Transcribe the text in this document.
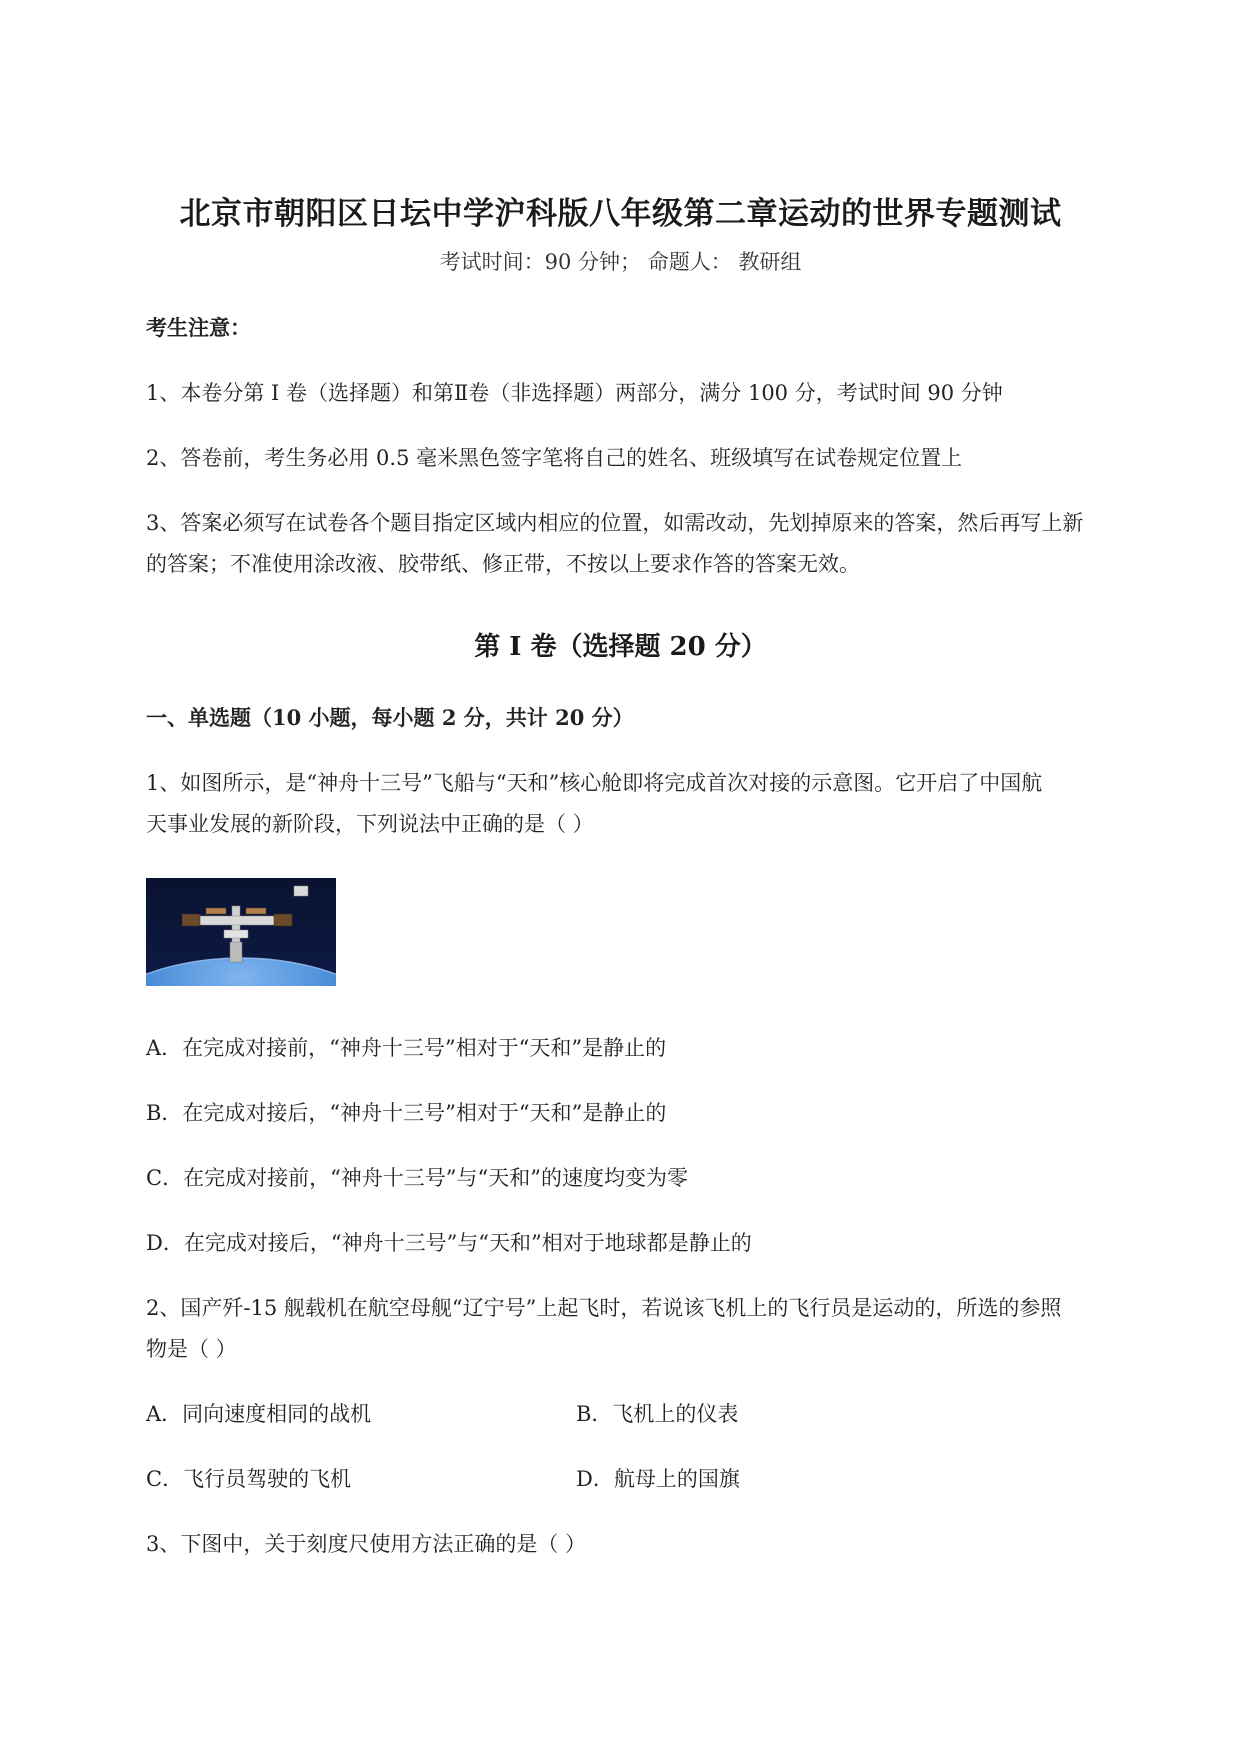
北京市朝阳区日坛中学沪科版八年级第二章运动的世界专题测试
考试时间：90 分钟； 命题人： 教研组
考生注意：
1、本卷分第 I 卷（选择题）和第Ⅱ卷（非选择题）两部分，满分 100 分，考试时间 90 分钟
2、答卷前，考生务必用 0.5 毫米黑色签字笔将自己的姓名、班级填写在试卷规定位置上
3、答案必须写在试卷各个题目指定区域内相应的位置，如需改动，先划掉原来的答案，然后再写上新
的答案；不准使用涂改液、胶带纸、修正带，不按以上要求作答的答案无效。
第 I 卷（选择题 20 分）
一、单选题（10 小题，每小题 2 分，共计 20 分）
1、如图所示，是“神舟十三号”飞船与“天和”核心舱即将完成首次对接的示意图。它开启了中国航
天事业发展的新阶段，下列说法中正确的是（ ）
A．在完成对接前，“神舟十三号”相对于“天和”是静止的
B．在完成对接后，“神舟十三号”相对于“天和”是静止的
C．在完成对接前，“神舟十三号”与“天和”的速度均变为零
D．在完成对接后，“神舟十三号”与“天和”相对于地球都是静止的
2、国产歼-15 舰载机在航空母舰“辽宁号”上起飞时，若说该飞机上的飞行员是运动的，所选的参照
物是（ ）
A．同向速度相同的战机	B．飞机上的仪表
C．飞行员驾驶的飞机	D．航母上的国旗
3、下图中，关于刻度尺使用方法正确的是（ ）
